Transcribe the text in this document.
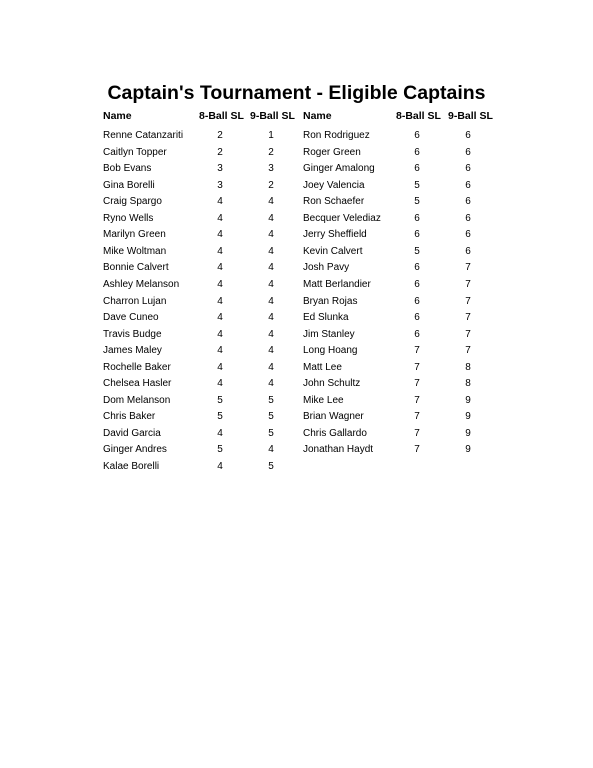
Captain's Tournament - Eligible Captains
Name	8-Ball SL 9-Ball SL Name	8-Ball SL 9-Ball SL
Renne Catanzariti	2	1
Caitlyn Topper	2	2
Bob Evans	3	3
Gina Borelli	3	2
Craig Spargo	4	4
Ryno Wells	4	4
Marilyn Green	4	4
Mike Woltman	4	4
Bonnie Calvert	4	4
Ashley Melanson	4	4
Charron Lujan	4	4
Dave Cuneo	4	4
Travis Budge	4	4
James Maley	4	4
Rochelle Baker	4	4
Chelsea Hasler	4	4
Dom Melanson	5	5
Chris Baker	5	5
David Garcia	4	5
Ginger Andres	5	4
Kalae Borelli	4	5
Ron Rodriguez	6	6
Roger Green	6	6
Ginger Amalong	6	6
Joey Valencia	5	6
Ron Schaefer	5	6
Becquer Velediaz	6	6
Jerry Sheffield	6	6
Kevin Calvert	5	6
Josh Pavy	6	7
Matt Berlandier	6	7
Bryan Rojas	6	7
Ed Slunka	6	7
Jim Stanley	6	7
Long Hoang	7	7
Matt Lee	7	8
John Schultz	7	8
Mike Lee	7	9
Brian Wagner	7	9
Chris Gallardo	7	9
Jonathan Haydt	7	9
